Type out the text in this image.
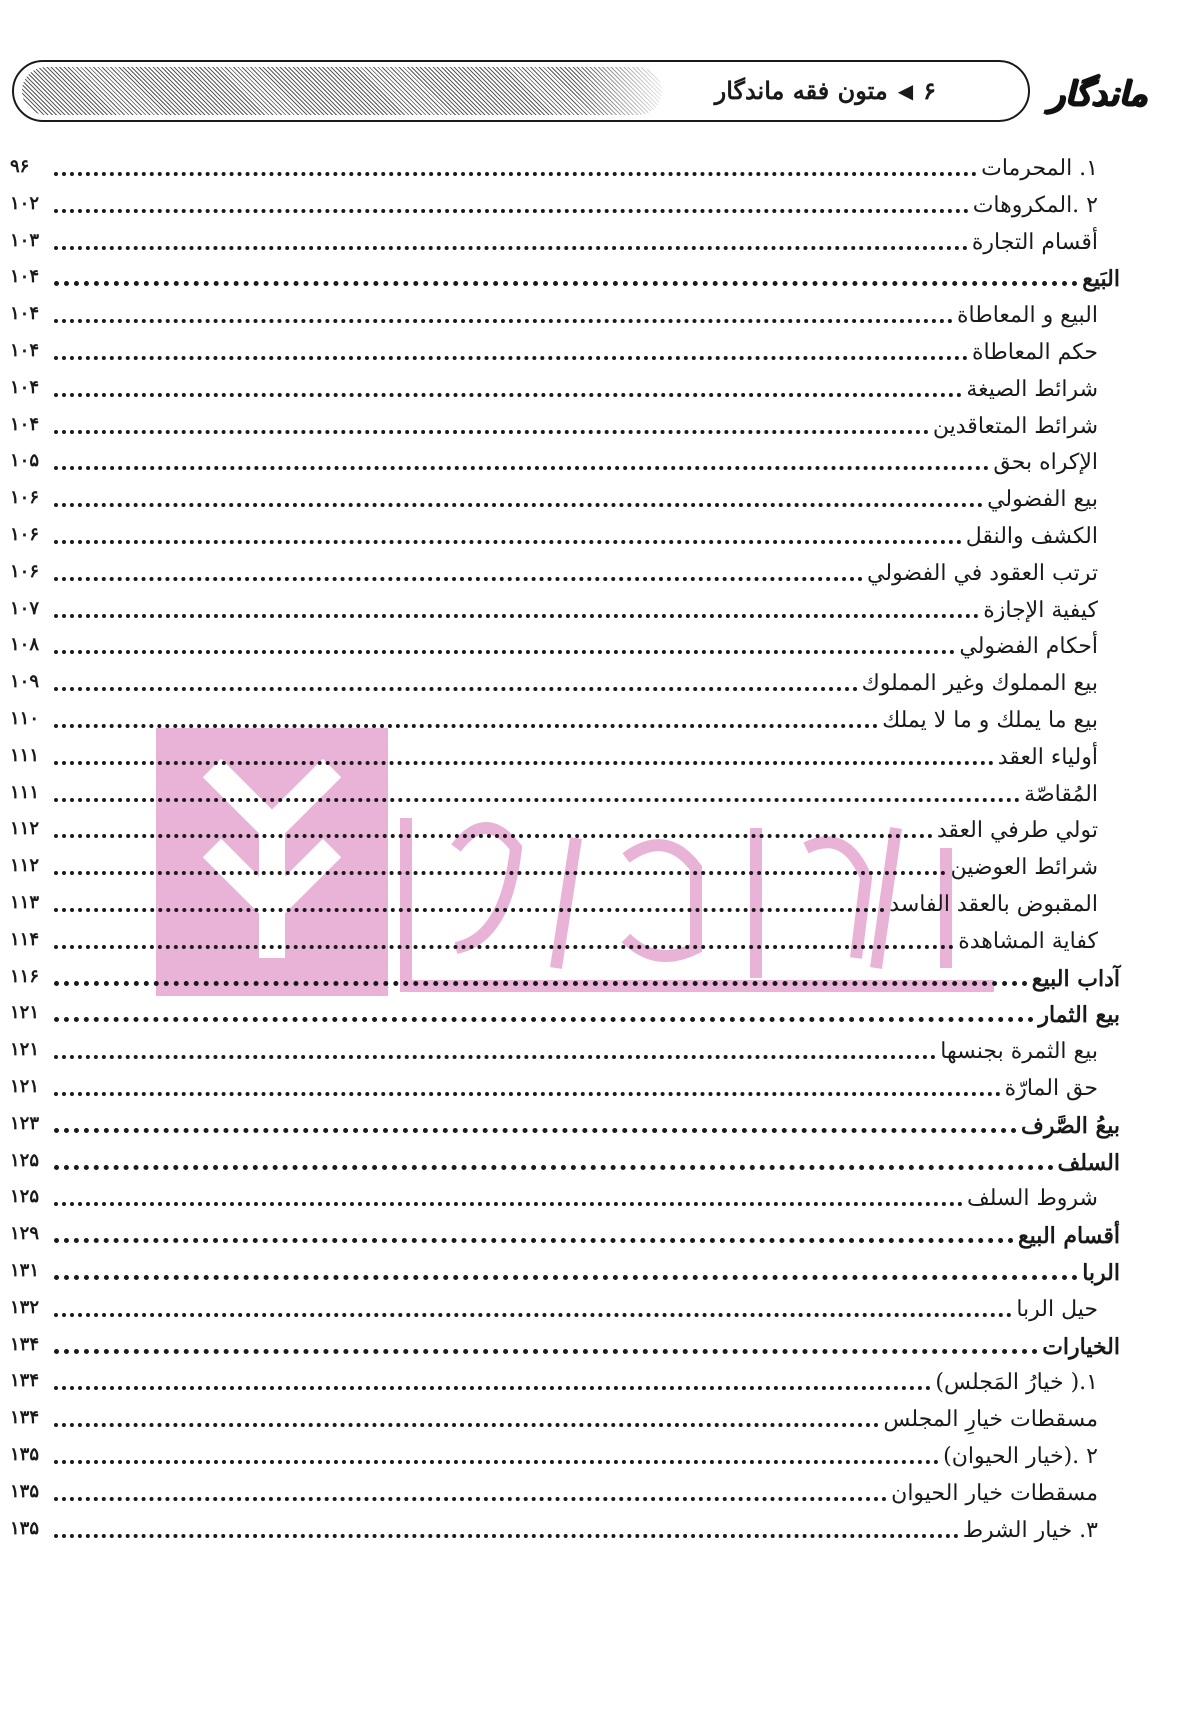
۶
◀
متون فقه ماندگار	ماندگار
١. المحرمات
۹۶
٢ .المكروهات
۱۰۲
أقسام التجارة
۱۰۳
البَيع
۱۰۴
البيع و المعاطاة
۱۰۴
حكم المعاطاة
۱۰۴
شرائط الصيغة
۱۰۴
شرائط المتعاقدين
۱۰۴
الإكراه بحق
۱۰۵
بيع الفضولي
۱۰۶
الكشف والنقل
۱۰۶
ترتب العقود في الفضولي
۱۰۶
كيفية الإجازة
۱۰۷
أحكام الفضولي
۱۰۸
بيع المملوك وغير المملوك
۱۰۹
بيع ما يملك و ما لا يملك
۱۱۰
أولياء العقد
۱۱۱
المُقاصّة
۱۱۱
تولي طرفي العقد
۱۱۲
شرائط العوضين
۱۱۲
المقبوض بالعقد الفاسد
۱۱۳
كفاية المشاهدة
۱۱۴
آداب البيع
۱۱۶
بيع الثمار
۱۲۱
بيع الثمرة بجنسها
۱۲۱
حق المارّة
۱۲۱
بيعُ الصَّرف
۱۲۳
السلف
۱۲۵
شروط السلف
۱۲۵
أقسام البيع
۱۲۹
الربا
۱۳۱
حيل الربا
۱۳۲
الخيارات
۱۳۴
١.( خيارُ المَجلس)
۱۳۴
مسقطات خيارِ المجلس
۱۳۴
٢ .(خيار الحيوان)
۱۳۵
مسقطات خيار الحيوان
۱۳۵
٣. خيار الشرط
۱۳۵
